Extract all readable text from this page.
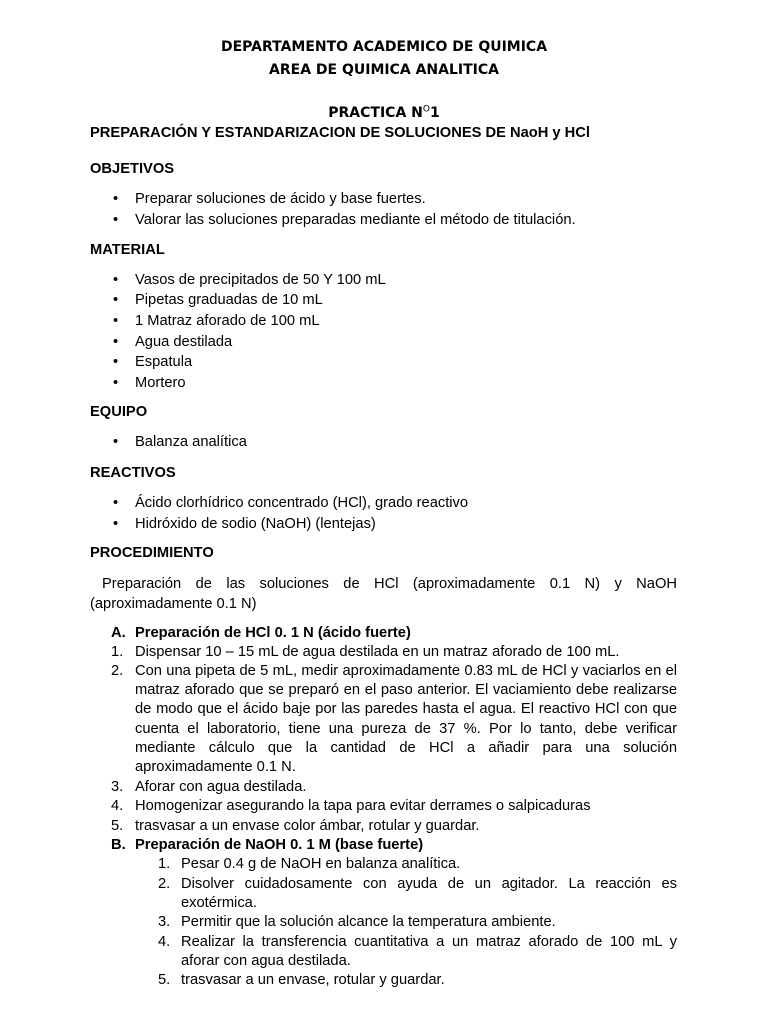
DEPARTAMENTO ACADEMICO DE QUIMICA
AREA DE QUIMICA ANALITICA
PRACTICA $N^O1$
PREPARACIÓN Y ESTANDARIZACION DE SOLUCIONES DE NaoH y HCl
OBJETIVOS
• Preparar soluciones de ácido y base fuertes.
• Valorar las soluciones preparadas mediante el método de titulación.
MATERIAL
• Vasos de precipitados de 50 Y 100 mL
• Pipetas graduadas de 10 mL
• 1 Matraz aforado de 100 mL
• Agua destilada
• Espatula
• Mortero
EQUIPO
• Balanza analítica
REACTIVOS
• Ácido clorhídrico concentrado (HCl), grado reactivo
• Hidróxido de sodio (NaOH) (lentejas)
PROCEDIMIENTO
Preparación de las soluciones de HCl (aproximadamente 0.1 N) y NaOH (aproximadamente 0.1 N)
A. Preparación de HCl 0. 1 N (ácido fuerte)
1. Dispensar 10 – 15 mL de agua destilada en un matraz aforado de 100 mL.
2. Con una pipeta de 5 mL, medir aproximadamente 0.83 mL de HCl y vaciarlos en el matraz aforado que se preparó en el paso anterior. El vaciamiento debe realizarse de modo que el ácido baje por las paredes hasta el agua. El reactivo HCl con que cuenta el laboratorio, tiene una pureza de 37 %. Por lo tanto, debe verificar mediante cálculo que la cantidad de HCl a añadir para una solución aproximadamente 0.1 N.
3. Aforar con agua destilada.
4. Homogenizar asegurando la tapa para evitar derrames o salpicaduras
5. trasvasar a un envase color ámbar, rotular y guardar.
B. Preparación de NaOH 0. 1 M (base fuerte)
1. Pesar 0.4 g de NaOH en balanza analítica.
2. Disolver cuidadosamente con ayuda de un agitador. La reacción es exotérmica.
3. Permitir que la solución alcance la temperatura ambiente.
4. Realizar la transferencia cuantitativa a un matraz aforado de 100 mL y aforar con agua destilada.
5. trasvasar a un envase, rotular y guardar.
